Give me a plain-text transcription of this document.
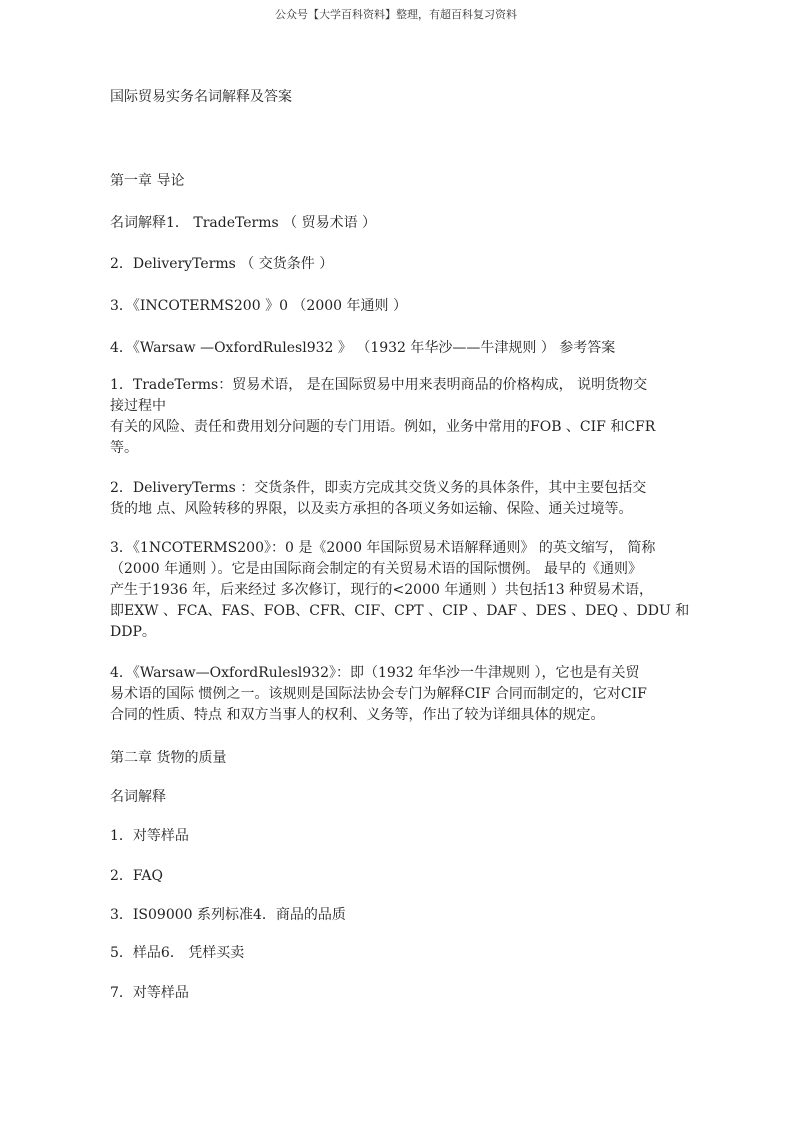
公众号【大学百科资料】整理，有超百科复习资料
国际贸易实务名词解释及答案
第一章 导论
名词解释1． TradeTerms （ 贸易术语 ）
2．DeliveryTerms （ 交货条件 ）
3．《INCOTERMS200 》0 （2000 年通则 ）
4．《Warsaw —OxfordRulesl932 》 （1932 年华沙——牛津规则 ） 参考答案
1．TradeTerms：贸易术语， 是在国际贸易中用来表明商品的价格构成， 说明货物交
接过程中
有关的风险、责任和费用划分问题的专门用语。例如，业务中常用的FOB 、CIF 和CFR
等。
2．DeliveryTerms ：交货条件，即卖方完成其交货义务的具体条件，其中主要包括交
货的地 点、风险转移的界限，以及卖方承担的各项义务如运输、保险、通关过境等。
3．《1NCOTERMS200》：0 是《2000 年国际贸易术语解释通则》 的英文缩写， 简称
（2000 年通则 ）。它是由国际商会制定的有关贸易术语的国际惯例。 最早的《通则》
产生于1936 年，后来经过 多次修订，现行的<2000 年通则 ）共包括13 种贸易术语，
即EXW 、FCA、FAS、FOB、CFR、CIF、CPT 、CIP 、DAF 、DES 、DEQ 、DDU 和
DDP。
4．《Warsaw—OxfordRulesl932》：即（1932 年华沙一牛津规则 ），它也是有关贸
易术语的国际 惯例之一。该规则是国际法协会专门为解释CIF 合同而制定的，它对CIF
合同的性质、特点 和双方当事人的权利、义务等，作出了较为详细具体的规定。
第二章 货物的质量
名词解释
1．对等样品
2．FAQ
3．IS09000 系列标准4．商品的品质
5．样品6． 凭样买卖
7．对等样品
